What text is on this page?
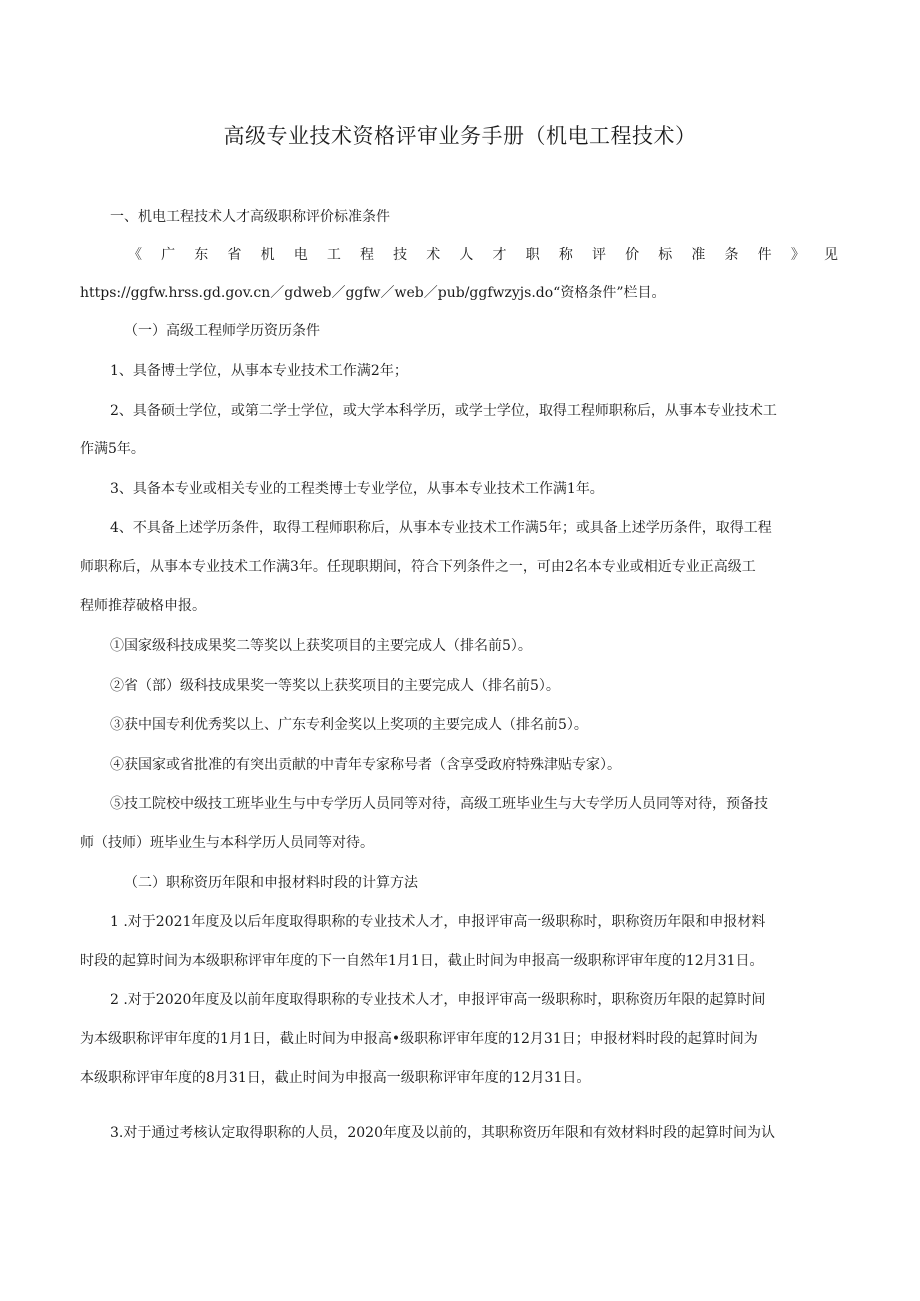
高级专业技术资格评审业务手册（机电工程技术）
一、机电工程技术人才高级职称评价标准条件
《 广 东 省 机 电 工 程 技 术 人 才 职 称 评 价 标 准 条 件 》 见
https://ggfw.hrss.gd.gov.cn／gdweb／ggfw／web／pub/ggfwzyjs.do“资格条件”栏目。
（一）高级工程师学历资历条件
1、具备博士学位，从事本专业技术工作满2年；
2、具备硕士学位，或第二学士学位，或大学本科学历，或学士学位，取得工程师职称后，从事本专业技术工
作满5年。
3、具备本专业或相关专业的工程类博士专业学位，从事本专业技术工作满1年。
4、不具备上述学历条件，取得工程师职称后，从事本专业技术工作满5年；或具备上述学历条件，取得工程
师职称后，从事本专业技术工作满3年。任现职期间，符合下列条件之一，可由2名本专业或相近专业正高级工
程师推荐破格申报。
①国家级科技成果奖二等奖以上获奖项目的主要完成人（排名前5）。
②省（部）级科技成果奖一等奖以上获奖项目的主要完成人（排名前5）。
③获中国专利优秀奖以上、广东专利金奖以上奖项的主要完成人（排名前5）。
④获国家或省批准的有突出贡献的中青年专家称号者（含享受政府特殊津贴专家）。
⑤技工院校中级技工班毕业生与中专学历人员同等对待，高级工班毕业生与大专学历人员同等对待，预备技
师（技师）班毕业生与本科学历人员同等对待。
（二）职称资历年限和申报材料时段的计算方法
1 .对于2021年度及以后年度取得职称的专业技术人才，申报评审高一级职称时，职称资历年限和申报材料
时段的起算时间为本级职称评审年度的下一自然年1月1日，截止时间为申报高一级职称评审年度的12月31日。
2 .对于2020年度及以前年度取得职称的专业技术人才，申报评审高一级职称时，职称资历年限的起算时间
为本级职称评审年度的1月1日，截止时间为申报高•级职称评审年度的12月31日；申报材料时段的起算时间为
本级职称评审年度的8月31日，截止时间为申报高一级职称评审年度的12月31日。
3.对于通过考核认定取得职称的人员，2020年度及以前的，其职称资历年限和有效材料时段的起算时间为认
